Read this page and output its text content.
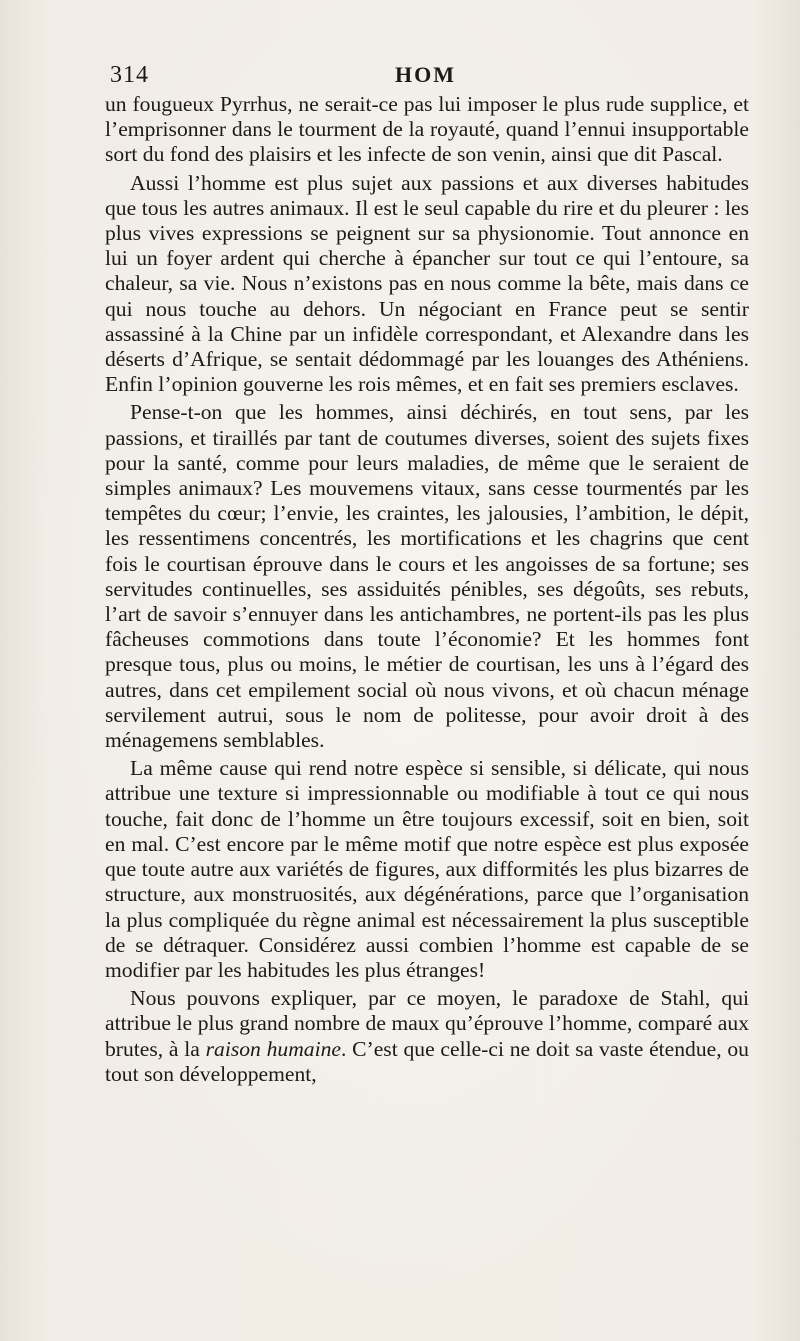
314	HOM

un fougueux Pyrrhus, ne serait-ce pas lui imposer le plus rude supplice, et l’emprisonner dans le tourment de la royauté, quand l’ennui insupportable sort du fond des plaisirs et les infecte de son venin, ainsi que dit Pascal.

Aussi l’homme est plus sujet aux passions et aux diverses habitudes que tous les autres animaux. Il est le seul capable du rire et du pleurer : les plus vives expressions se peignent sur sa physionomie. Tout annonce en lui un foyer ardent qui cherche à épancher sur tout ce qui l’entoure, sa chaleur, sa vie. Nous n’existons pas en nous comme la bête, mais dans ce qui nous touche au dehors. Un négociant en France peut se sentir assassiné à la Chine par un infidèle correspondant, et Alexandre dans les déserts d’Afrique, se sentait dédommagé par les louanges des Athéniens. Enfin l’opinion gouverne les rois mêmes, et en fait ses premiers esclaves.

Pense-t-on que les hommes, ainsi déchirés, en tout sens, par les passions, et tiraillés par tant de coutumes diverses, soient des sujets fixes pour la santé, comme pour leurs maladies, de même que le seraient de simples animaux? Les mouvemens vitaux, sans cesse tourmentés par les tempêtes du cœur; l’envie, les craintes, les jalousies, l’ambition, le dépit, les ressentimens concentrés, les mortifications et les chagrins que cent fois le courtisan éprouve dans le cours et les angoisses de sa fortune; ses servitudes continuelles, ses assiduités pénibles, ses dégoûts, ses rebuts, l’art de savoir s’ennuyer dans les antichambres, ne portent-ils pas les plus fâcheuses commotions dans toute l’économie? Et les hommes font presque tous, plus ou moins, le métier de courtisan, les uns à l’égard des autres, dans cet empilement social où nous vivons, et où chacun ménage servilement autrui, sous le nom de politesse, pour avoir droit à des ménagemens semblables.

La même cause qui rend notre espèce si sensible, si délicate, qui nous attribue une texture si impressionnable ou modifiable à tout ce qui nous touche, fait donc de l’homme un être toujours excessif, soit en bien, soit en mal. C’est encore par le même motif que notre espèce est plus exposée que toute autre aux variétés de figures, aux difformités les plus bizarres de structure, aux monstruosités, aux dégénérations, parce que l’organisation la plus compliquée du règne animal est nécessairement la plus susceptible de se détraquer. Considérez aussi combien l’homme est capable de se modifier par les habitudes les plus étranges!

Nous pouvons expliquer, par ce moyen, le paradoxe de Stahl, qui attribue le plus grand nombre de maux qu’éprouve l’homme, comparé aux brutes, à la raison humaine. C’est que celle-ci ne doit sa vaste étendue, ou tout son développement,
